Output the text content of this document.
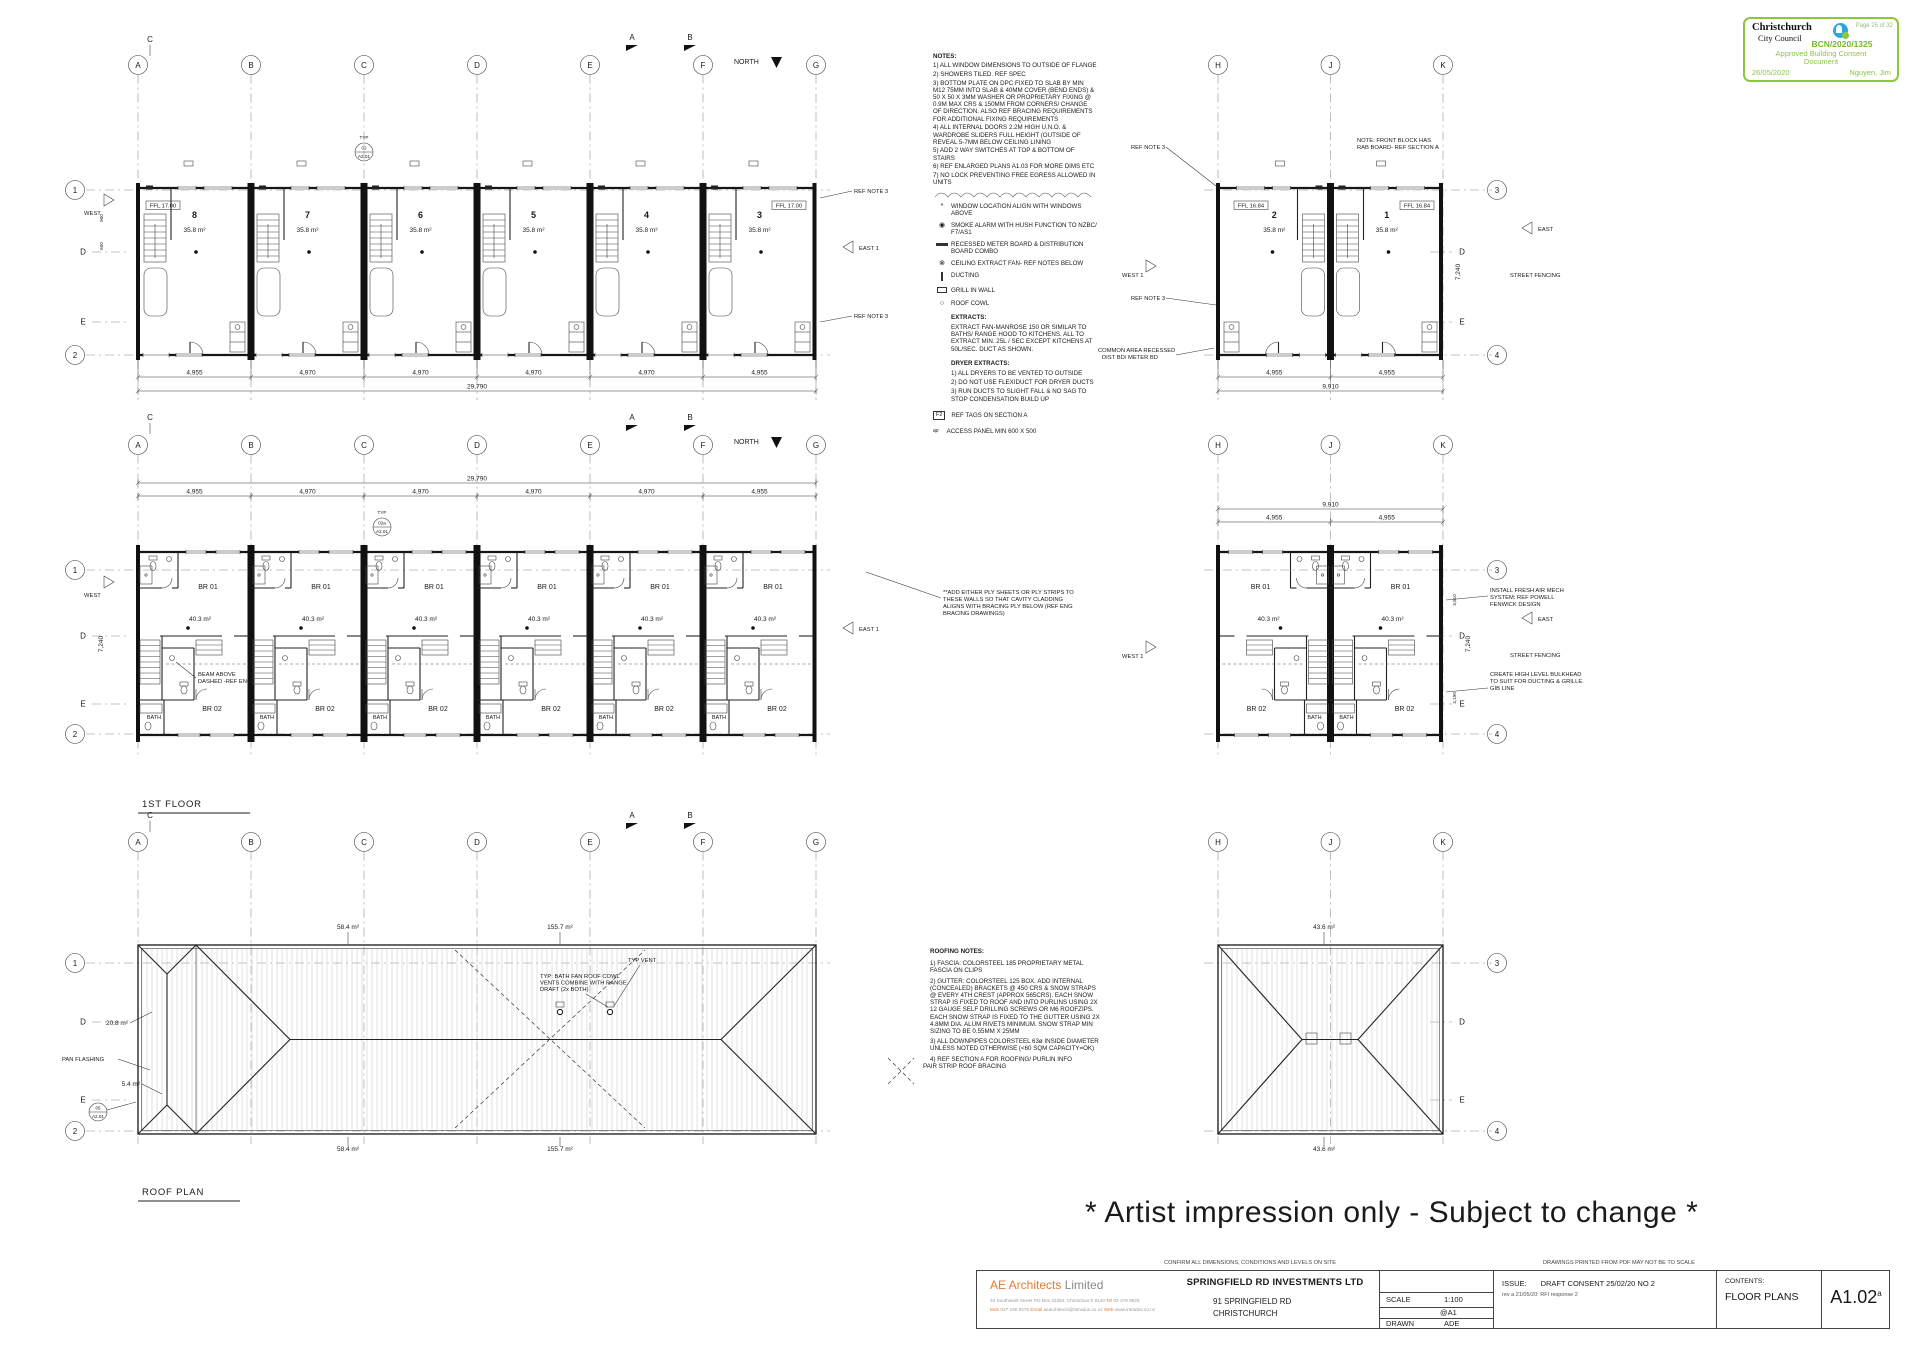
A	B	C	D	E	F	G	H	J	K
C	A	B
NORTH
1
2
3
4
D
E
D
E
8
35.8 m²
7
35.8 m²
6
35.8 m²
5
35.8 m²
4
35.8 m²
3
35.8 m²
2
35.8 m²
1
35.8 m²
FFL 17.00	FFL 17.00	FFL 16.84	FFL 16.84
02
A2.01
TYP
REF NOTE 3
REF NOTE 3
REF NOTE 3
REF NOTE 3
EAST 1
WEST
WEST 1
EAST
STREET FENCING
NOTE: FRONT BLOCK HAS
RAB BOARD- REF SECTION A
COMMON AREA RECESSED
DIST BD/ METER BD
4,955	4,970	4,970	4,970	4,970	4,955
29,790
4,955	4,955
9,910
900
600
7,240
A	B	C	D	E	F	G	H	J	K
C	A	B
NORTH
1
2
3
4
D
E
D
E
29,790
4,955	4,970	4,970	4,970	4,970	4,955
9,910
4,955	4,955
BR 01
40.3 m²
BR 02
BATH
BR 01
40.3 m²
BR 02
BATH
BR 01
40.3 m²
BR 02
BATH
BR 01
40.3 m²
BR 02
BATH
BR 01
40.3 m²
BR 02
BATH
BR 01
40.3 m²
BR 02
BATH
BR 01
40.3 m²
BR 02
BATH
BR 01
40.3 m²
BR 02
BATH
02a
A2.01
TYP
BEAM ABOVE
DASHED -REF ENG
**ADD EITHER PLY SHEETS OR PLY STRIPS TO
THESE WALLS SO THAT CAVITY CLADDING
ALIGNS WITH BRACING PLY BELOW (REF ENG
BRACING DRAWINGS)
INSTALL FRESH AIR MECH
SYSTEM: REF POWELL
FENWICK DESIGN
EAST
STREET FENCING
CREATE HIGH LEVEL BULKHEAD
TO SUIT FOR DUCTING & GRILLE.
GIB LINE
EAST 1
WEST
WEST 1
7,240
3,510
3,190
7,240
1ST FLOOR
A	B	C	D	E	F	G	H	J	K
C	A	B
1
2
3
4
D
E
D
E
58.4 m²	155.7 m²
58.4 m²	155.7 m²
43.6 m²
43.6 m²
20.8 m²
5.4 m²
PAN FLASHING
TYP VENT
TYP: BATH FAN ROOF COWL
VENTS COMBINE WITH RANGE
DRAFT (2x BOTH)
05
A2.01
ROOF PLAN
Christchurch
City Council
Page 25 of 32
BCN/2020/1325
Approved Building Consent
Document
26/05/2020	Nguyen, Jim
NOTES:
1) ALL WINDOW DIMENSIONS TO OUTSIDE OF FLANGE
2) SHOWERS TILED. REF SPEC
3) BOTTOM PLATE ON DPC FIXED TO SLAB BY MIN M12 75MM INTO SLAB & 40MM COVER (BEND ENDS) & 50 X 50 X 3MM WASHER OR PROPRIETARY FIXING @ 0.9M MAX CRS & 150MM FROM CORNERS/ CHANGE OF DIRECTION. ALSO REF BRACING REQUIREMENTS FOR ADDITIONAL FIXING REQUIREMENTS
4) ALL INTERNAL DOORS 2.2M HIGH U.N.O. & WARDROBE SLIDERS FULL HEIGHT (OUTSIDE OF REVEAL 5-7MM BELOW CEILING LINING
5) ADD 2 WAY SWITCHES AT TOP & BOTTOM OF STAIRS
6) REF ENLARGED PLANS A1.03 FOR MORE DIMS ETC
7) NO LOCK PREVENTING FREE EGRESS ALLOWED IN UNITS
*	WINDOW LOCATION ALIGN WITH WINDOWS ABOVE
◉ SMOKE ALARM WITH HUSH FUNCTION TO NZBC/ F7/AS1
RECESSED METER BOARD & DISTRIBUTION BOARD COMBO
⊗ CEILING EXTRACT FAN- REF NOTES BELOW
DUCTING
GRILL IN WALL
○	ROOF COWL
EXTRACTS:
EXTRACT FAN-MANROSE 150 OR SIMILAR TO BATHS/ RANGE HOOD TO KITCHENS. ALL TO EXTRACT MIN. 25L / SEC EXCEPT KITCHENS AT 50L/SEC. DUCT AS SHOWN.
DRYER EXTRACTS:
1) ALL DRYERS TO BE VENTED TO OUTSIDE
2) DO NOT USE FLEXIDUCT FOR DRYER DUCTS
3) RUN DUCTS TO SLIGHT FALL & NO SAG TO STOP CONDENSATION BUILD UP
F2	REF TAGS ON SECTION A
ap ACCESS PANEL MIN 600 X 500
ROOFING NOTES:
1) FASCIA: COLORSTEEL 185 PROPRIETARY METAL FASCIA ON CLIPS
2) GUTTER: COLORSTEEL 125 BOX. ADD INTERNAL (CONCEALED) BRACKETS @ 450 CRS & SNOW STRAPS @ EVERY 4TH CREST (APPROX 565CRS). EACH SNOW STRAP IS FIXED TO ROOF AND INTO PURLINS USING 2X 12 GAUGE SELF DRILLING SCREWS OR M6 ROOFZIPS. EACH SNOW STRAP IS FIXED TO THE GUTTER USING 2X 4.8MM DIA. ALUM RIVETS MINIMUM. SNOW STRAP MIN SIZING TO BE 0.55MM X 25MM
3) ALL DOWNPIPES COLORSTEEL 63ø INSIDE DIAMETER UNLESS NOTED OTHERWISE (<60 SQM CAPACITY=OK)
4) REF SECTION A FOR ROOFING/ PURLIN INFO
PAIR STRIP ROOF BRACING
* Artist impression only - Subject to change *
CONFIRM ALL DIMENSIONS, CONDITIONS AND LEVELS ON SITE	DRAWINGS PRINTED FROM PDF MAY NOT BE TO SCALE
AE Architects Limited
34 Southwark Street PO Box 22284, Christchurch 8140 Tel 03 379 9525
Mob 027 230 9276 Email aearchitects@intrados.co.nz Web www.intrados.co.nz
SPRINGFIELD RD INVESTMENTS LTD
91 SPRINGFIELD RD
CHRISTCHURCH
SCALE	1:100
@A1
DRAWN	ADE
ISSUE: DRAFT CONSENT 25/02/20 NO 2
rev a 21/05/20: RFI response 2
CONTENTS:
FLOOR PLANS	A1.02$^a$
